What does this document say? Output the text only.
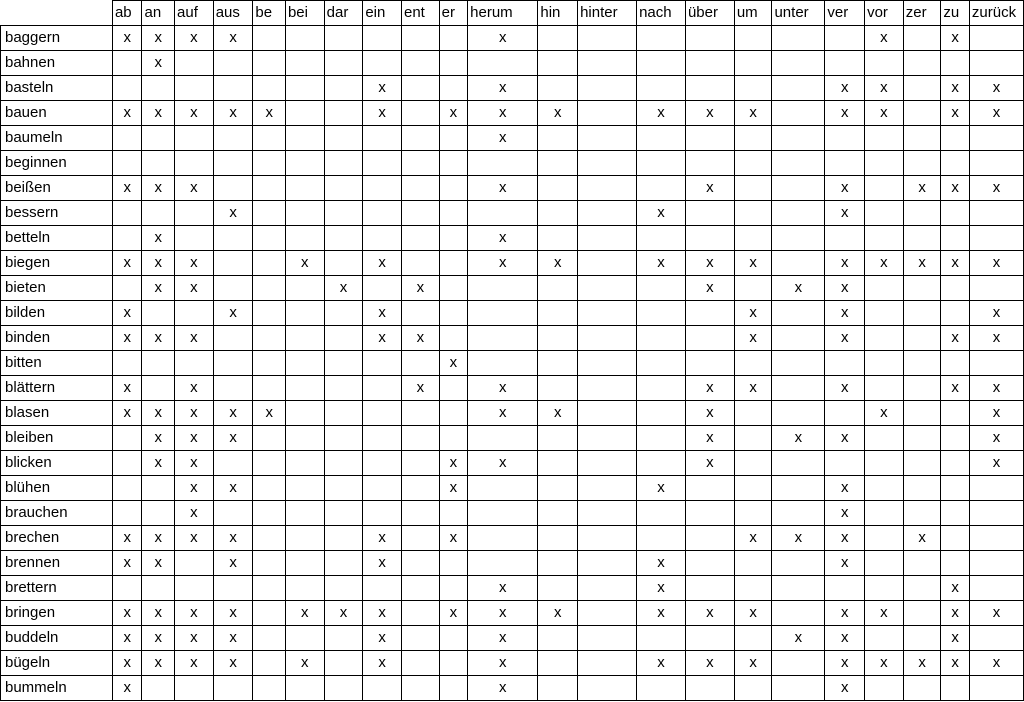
	ab	an	auf	aus	be	bei	dar	ein	ent	er	herum	hin	hinter	nach	über	um	unter	ver	vor	zer	zu	zurück
baggern	x	x	x	x							x								x		x	
bahnen		x																				
basteln								x			x							x	x		x	x
bauen	x	x	x	x	x			x		x	x	x		x	x	x		x	x		x	x
baumeln											x											
beginnen																						
beißen	x	x	x								x				x			x		x	x	x
bessern				x										x				x				
betteln		x									x											
biegen	x	x	x			x		x			x	x		x	x	x		x	x	x	x	x
bieten		x	x				x		x						x		x	x				
bilden	x			x				x								x		x				x
binden	x	x	x					x	x							x		x			x	x
bitten										x												
blättern	x		x						x		x				x	x		x			x	x
blasen	x	x	x	x	x						x	x			x				x			x
bleiben		x	x	x											x		x	x				x
blicken		x	x							x	x				x							x
blühen			x	x						x				x				x				
brauchen			x															x				
brechen	x	x	x	x				x		x						x	x	x		x		
brennen	x	x		x				x						x				x				
brettern											x			x							x	
bringen	x	x	x	x		x	x	x		x	x	x		x	x	x		x	x		x	x
buddeln	x	x	x	x				x			x						x	x			x	
bügeln	x	x	x	x		x		x			x			x	x	x		x	x	x	x	x
bummeln	x										x							x				
